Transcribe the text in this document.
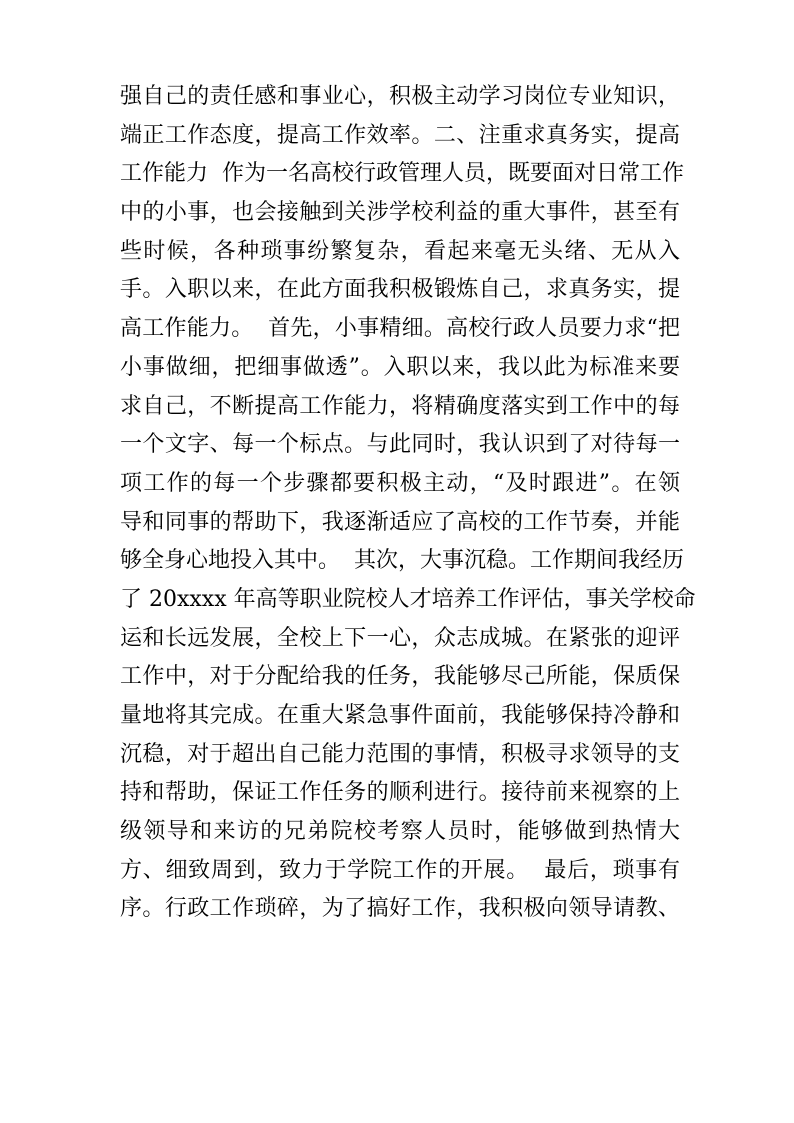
强自己的责任感和事业心，积极主动学习岗位专业知识，
端正工作态度，提高工作效率。二、注重求真务实，提高
工作能力  作为一名高校行政管理人员，既要面对日常工作
中的小事，也会接触到关涉学校利益的重大事件，甚至有
些时候，各种琐事纷繁复杂，看起来毫无头绪、无从入
手。入职以来，在此方面我积极锻炼自己，求真务实，提
高工作能力。  首先，小事精细。高校行政人员要力求“把
小事做细，把细事做透”。入职以来，我以此为标准来要
求自己，不断提高工作能力，将精确度落实到工作中的每
一个文字、每一个标点。与此同时，我认识到了对待每一
项工作的每一个步骤都要积极主动，“及时跟进”。在领
导和同事的帮助下，我逐渐适应了高校的工作节奏，并能
够全身心地投入其中。  其次，大事沉稳。工作期间我经历
了 20xxxx 年高等职业院校人才培养工作评估，事关学校命
运和长远发展，全校上下一心，众志成城。在紧张的迎评
工作中，对于分配给我的任务，我能够尽己所能，保质保
量地将其完成。在重大紧急事件面前，我能够保持冷静和
沉稳，对于超出自己能力范围的事情，积极寻求领导的支
持和帮助，保证工作任务的顺利进行。接待前来视察的上
级领导和来访的兄弟院校考察人员时，能够做到热情大
方、细致周到，致力于学院工作的开展。  最后，琐事有
序。行政工作琐碎，为了搞好工作，我积极向领导请教、
